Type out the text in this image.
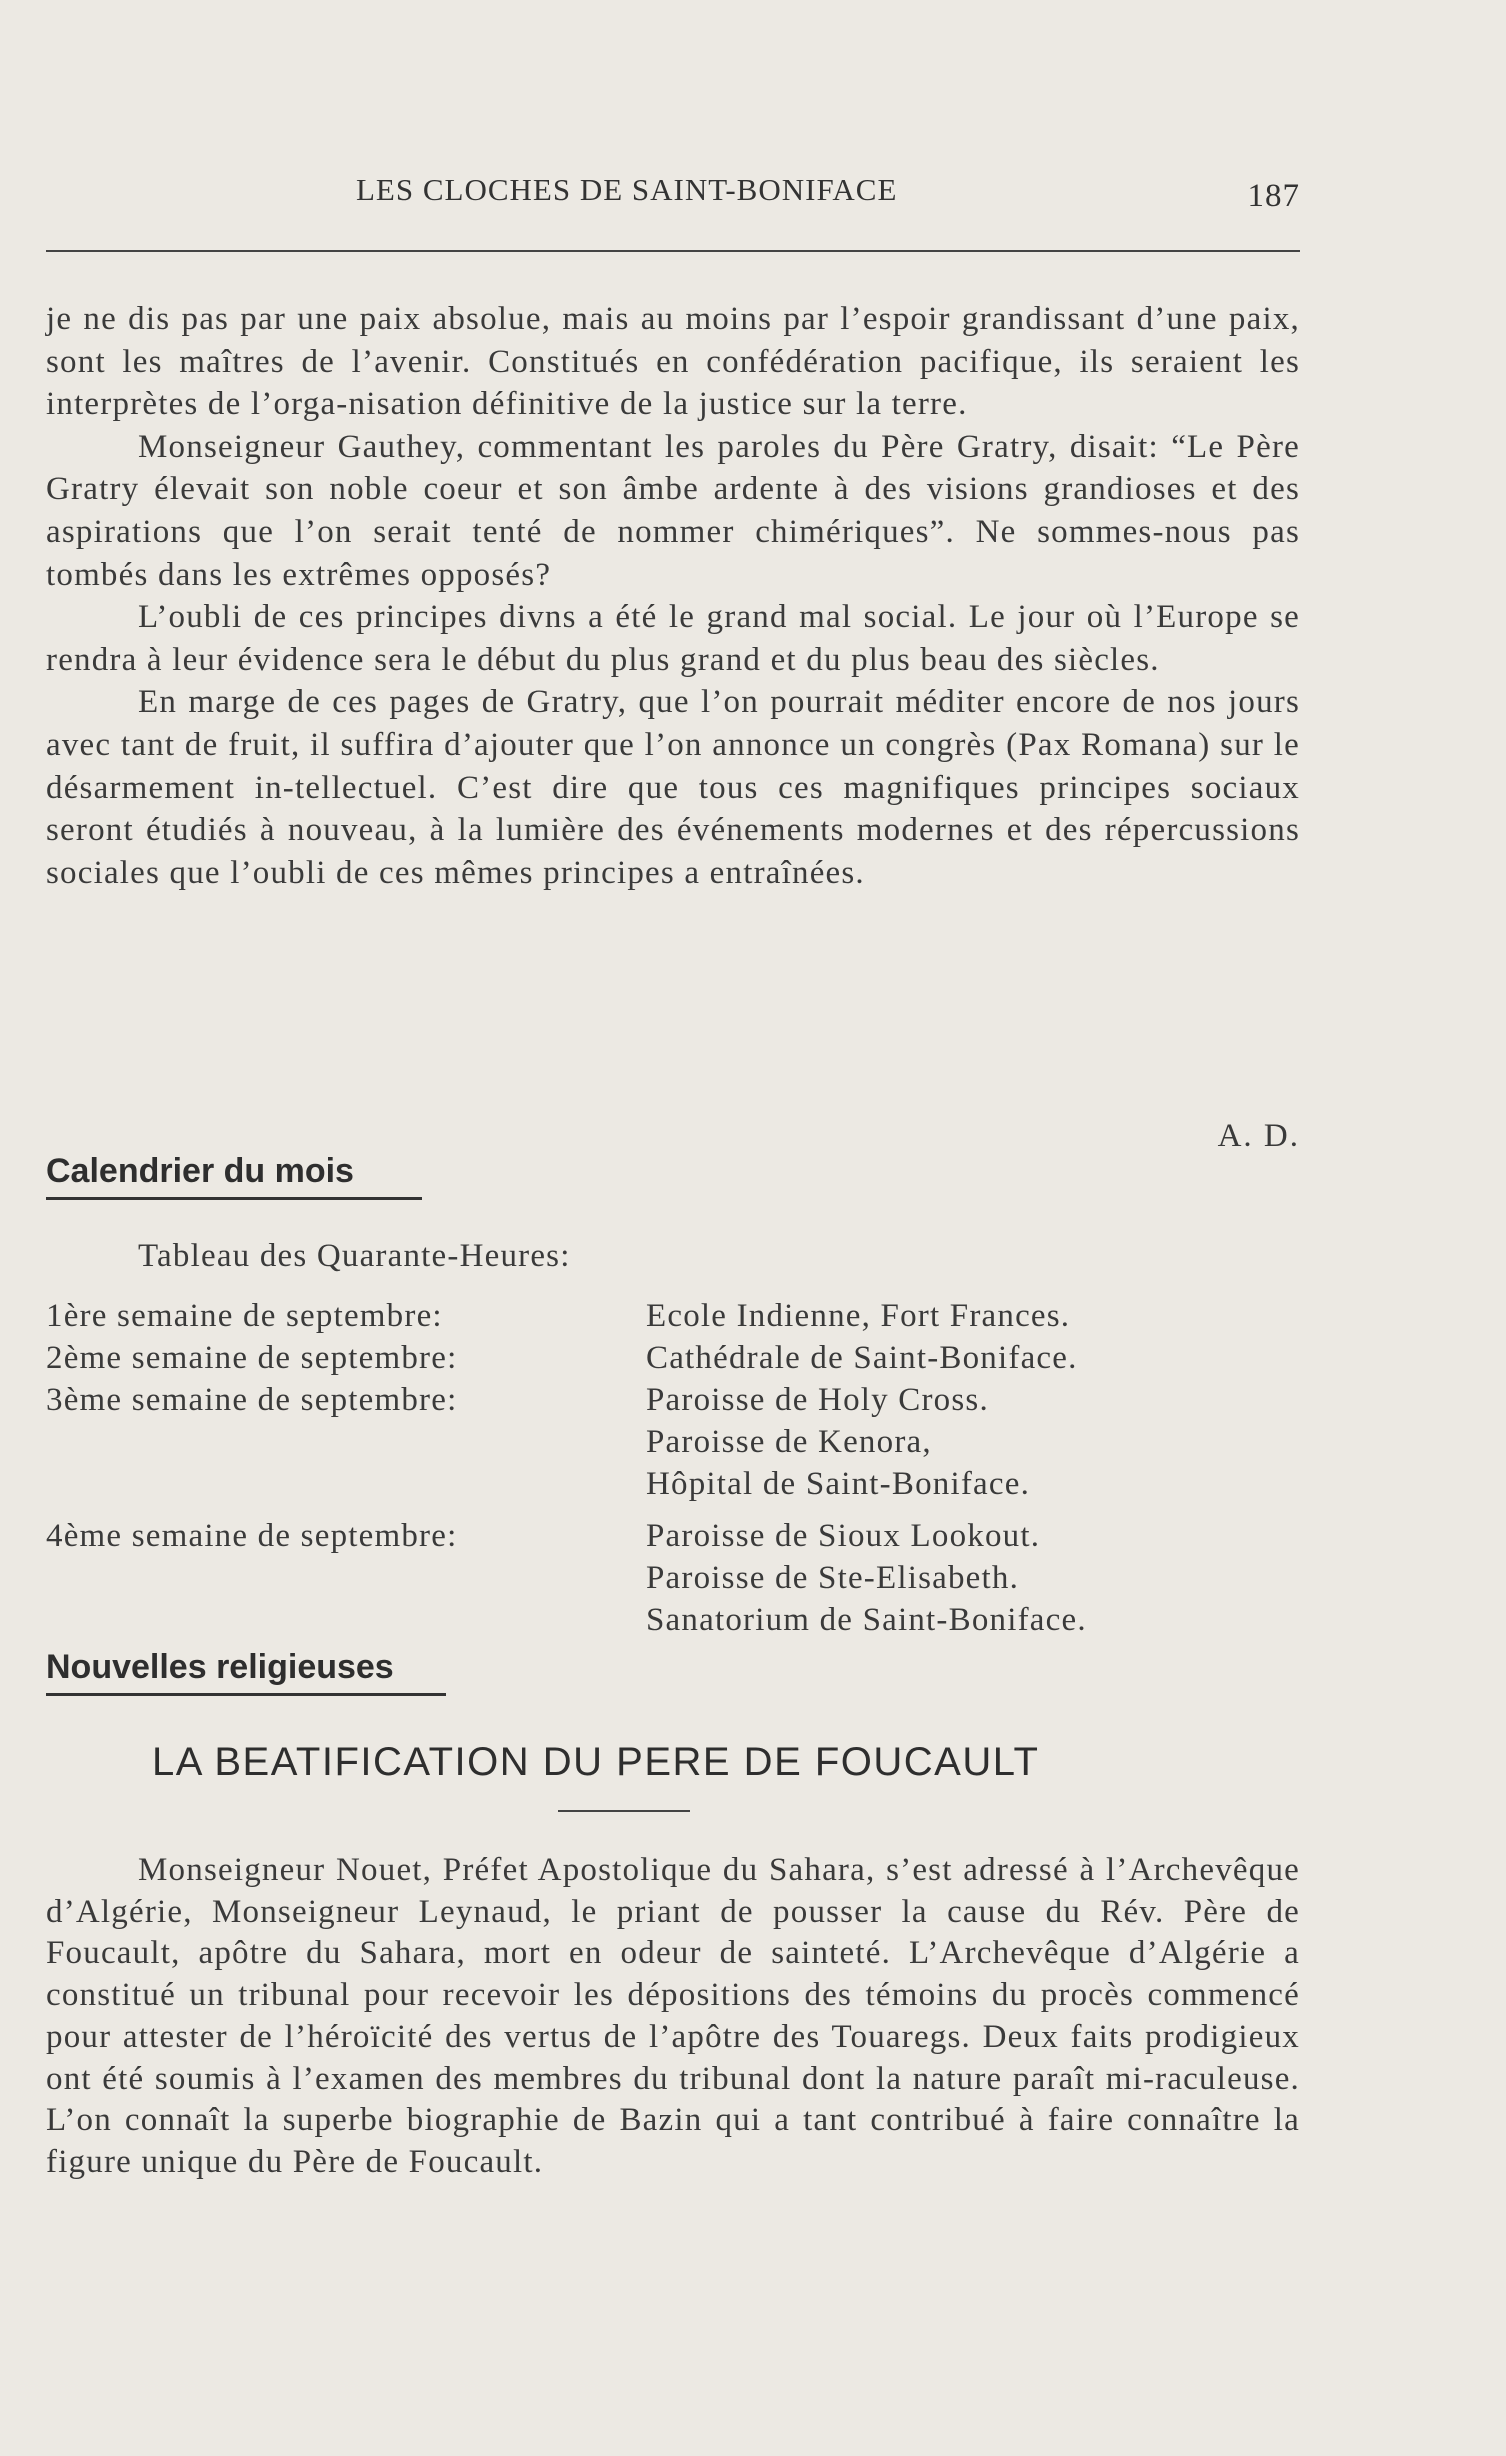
LES CLOCHES DE SAINT-BONIFACE	187

je ne dis pas par une paix absolue, mais au moins par l’espoir grandissant d’une paix, sont les maîtres de l’avenir. Constitués en confédération pacifique, ils seraient les interprètes de l’orga-nisation définitive de la justice sur la terre.

Monseigneur Gauthey, commentant les paroles du Père Gratry, disait: “Le Père Gratry élevait son noble coeur et son âmbe ardente à des visions grandioses et des aspirations que l’on serait tenté de nommer chimériques”. Ne sommes-nous pas tombés dans les extrêmes opposés?

L’oubli de ces principes divns a été le grand mal social. Le jour où l’Europe se rendra à leur évidence sera le début du plus grand et du plus beau des siècles.

En marge de ces pages de Gratry, que l’on pourrait méditer encore de nos jours avec tant de fruit, il suffira d’ajouter que l’on annonce un congrès (Pax Romana) sur le désarmement in-tellectuel. C’est dire que tous ces magnifiques principes sociaux seront étudiés à nouveau, à la lumière des événements modernes et des répercussions sociales que l’oubli de ces mêmes principes a entraînées.

A. D.
Calendrier du mois
Tableau des Quarante-Heures:
1ère semaine de septembre:	Ecole Indienne, Fort Frances.
2ème semaine de septembre:	Cathédrale de Saint-Boniface.
3ème semaine de septembre:	Paroisse de Holy Cross.
Paroisse de Kenora,
Hôpital de Saint-Boniface.
4ème semaine de septembre:	Paroisse de Sioux Lookout.
Paroisse de Ste-Elisabeth.
Sanatorium de Saint-Boniface.
Nouvelles religieuses
LA BEATIFICATION DU PERE DE FOUCAULT

Monseigneur Nouet, Préfet Apostolique du Sahara, s’est adressé à l’Archevêque d’Algérie, Monseigneur Leynaud, le priant de pousser la cause du Rév. Père de Foucault, apôtre du Sahara, mort en odeur de sainteté. L’Archevêque d’Algérie a constitué un tribunal pour recevoir les dépositions des témoins du procès commencé pour attester de l’héroïcité des vertus de l’apôtre des Touaregs. Deux faits prodigieux ont été soumis à l’examen des membres du tribunal dont la nature paraît mi-raculeuse. L’on connaît la superbe biographie de Bazin qui a tant contribué à faire connaître la figure unique du Père de Foucault.
